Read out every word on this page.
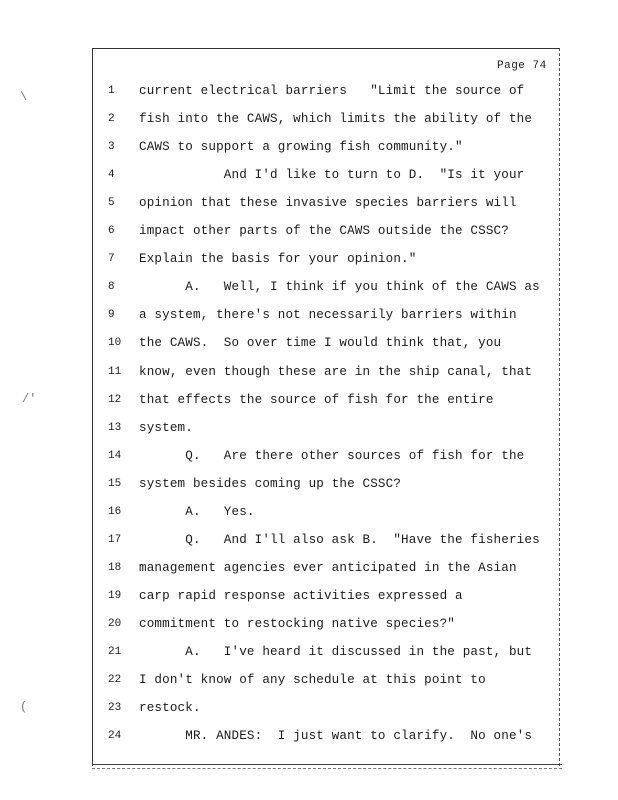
Page 74
\
/'
(
1	current electrical barriers   "Limit the source of
2	fish into the CAWS, which limits the ability of the
3	CAWS to support a growing fish community."
4	And I'd like to turn to D.  "Is it your
5	opinion that these invasive species barriers will
6	impact other parts of the CAWS outside the CSSC?
7	Explain the basis for your opinion."
8	A.   Well, I think if you think of the CAWS as
9	a system, there's not necessarily barriers within
10	the CAWS.  So over time I would think that, you
11	know, even though these are in the ship canal, that
12	that effects the source of fish for the entire
13	system.
14	Q.   Are there other sources of fish for the
15	system besides coming up the CSSC?
16	A.   Yes.
17	Q.   And I'll also ask B.  "Have the fisheries
18	management agencies ever anticipated in the Asian
19	carp rapid response activities expressed a
20	commitment to restocking native species?"
21	A.   I've heard it discussed in the past, but
22	I don't know of any schedule at this point to
23	restock.
24	MR. ANDES:  I just want to clarify.  No one's
